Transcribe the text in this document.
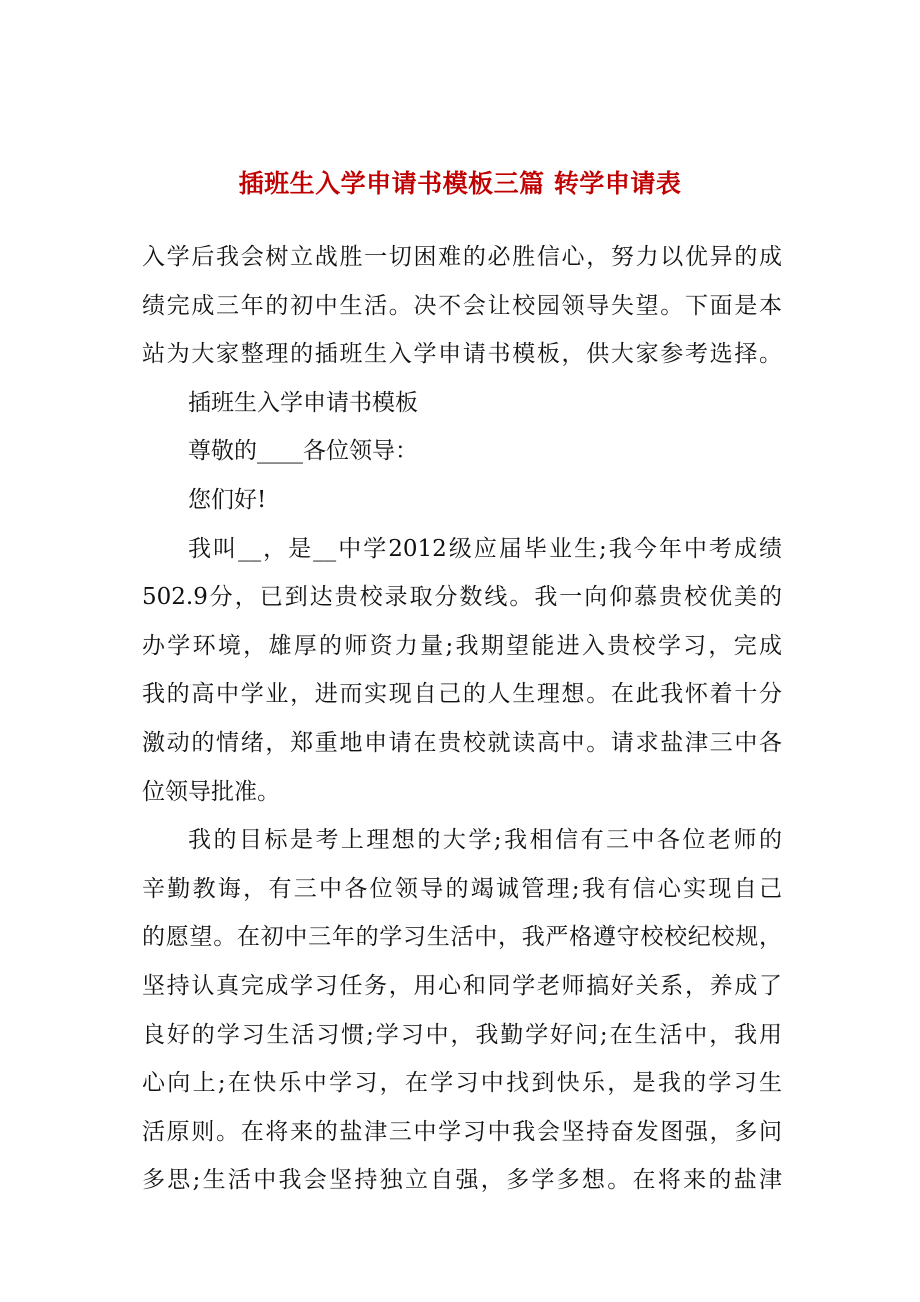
插班生入学申请书模板三篇 转学申请表
入学后我会树立战胜一切困难的必胜信心，努力以优异的成
绩完成三年的初中生活。决不会让校园领导失望。下面是本
站为大家整理的插班生入学申请书模板，供大家参考选择。
插班生入学申请书模板
尊敬的____各位领导：
您们好!
我叫__，是__中学2012级应届毕业生;我今年中考成绩
502.9分，已到达贵校录取分数线。我一向仰慕贵校优美的
办学环境，雄厚的师资力量;我期望能进入贵校学习，完成
我的高中学业，进而实现自己的人生理想。在此我怀着十分
激动的情绪，郑重地申请在贵校就读高中。请求盐津三中各
位领导批准。
我的目标是考上理想的大学;我相信有三中各位老师的
辛勤教诲，有三中各位领导的竭诚管理;我有信心实现自己
的愿望。在初中三年的学习生活中，我严格遵守校校纪校规，
坚持认真完成学习任务，用心和同学老师搞好关系，养成了
良好的学习生活习惯;学习中，我勤学好问;在生活中，我用
心向上;在快乐中学习，在学习中找到快乐，是我的学习生
活原则。在将来的盐津三中学习中我会坚持奋发图强，多问
多思;生活中我会坚持独立自强，多学多想。在将来的盐津
